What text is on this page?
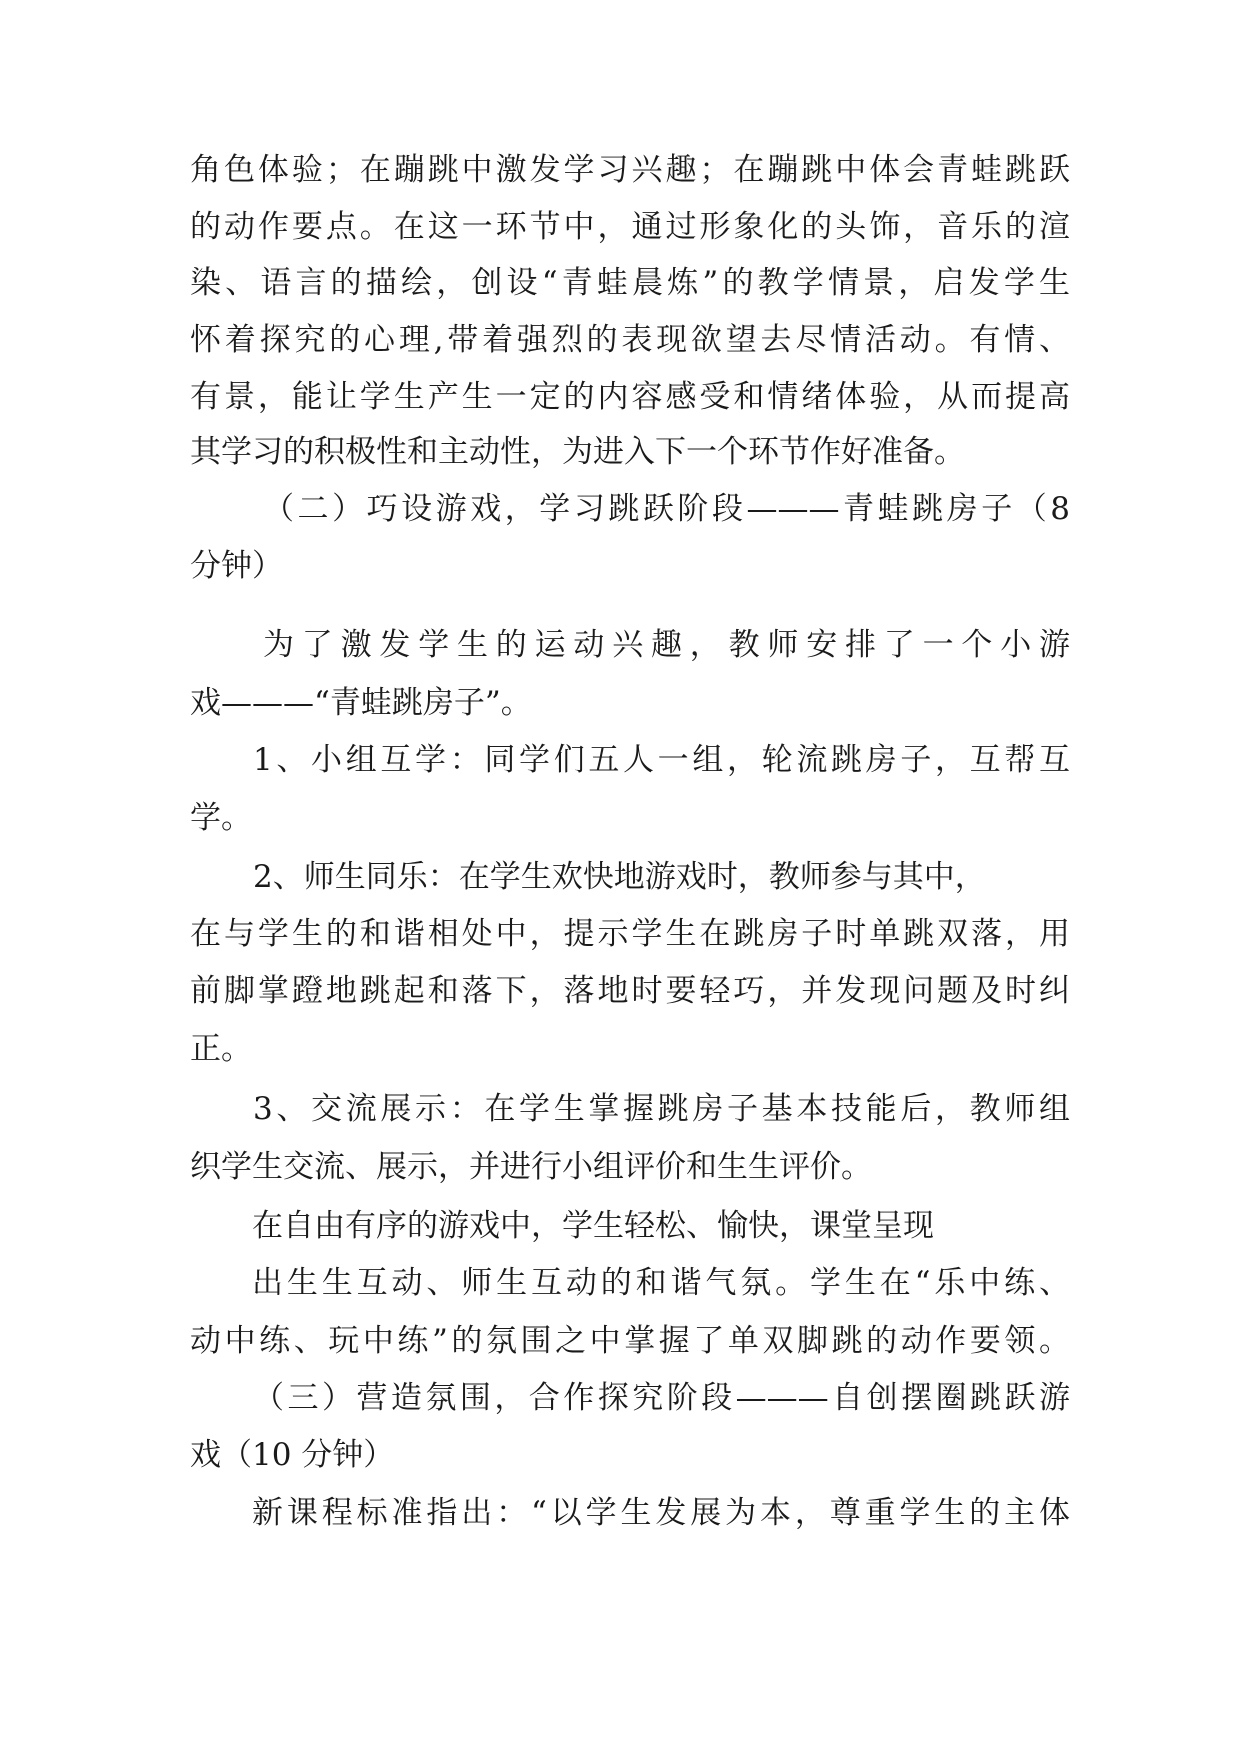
角色体验；在蹦跳中激发学习兴趣；在蹦跳中体会青蛙跳跃

的动作要点。在这一环节中，通过形象化的头饰，音乐的渲

染、语言的描绘，创设“青蛙晨炼”的教学情景，启发学生

怀着探究的心理,带着强烈的表现欲望去尽情活动。有情、

有景，能让学生产生一定的内容感受和情绪体验，从而提高

其学习的积极性和主动性，为进入下一个环节作好准备。

（二）巧设游戏，学习跳跃阶段———青蛙跳房子（8

分钟）

为了激发学生的运动兴趣，教师安排了一个小游

戏———“青蛙跳房子”。

1、小组互学：同学们五人一组，轮流跳房子，互帮互

学。

2、师生同乐：在学生欢快地游戏时，教师参与其中，

在与学生的和谐相处中，提示学生在跳房子时单跳双落，用

前脚掌蹬地跳起和落下，落地时要轻巧，并发现问题及时纠

正。

3、交流展示：在学生掌握跳房子基本技能后，教师组

织学生交流、展示，并进行小组评价和生生评价。

在自由有序的游戏中，学生轻松、愉快，课堂呈现

出生生互动、师生互动的和谐气氛。学生在“乐中练、

动中练、玩中练”的氛围之中掌握了单双脚跳的动作要领。

（三）营造氛围，合作探究阶段———自创摆圈跳跃游

戏（10 分钟）

新课程标准指出：“以学生发展为本，尊重学生的主体
